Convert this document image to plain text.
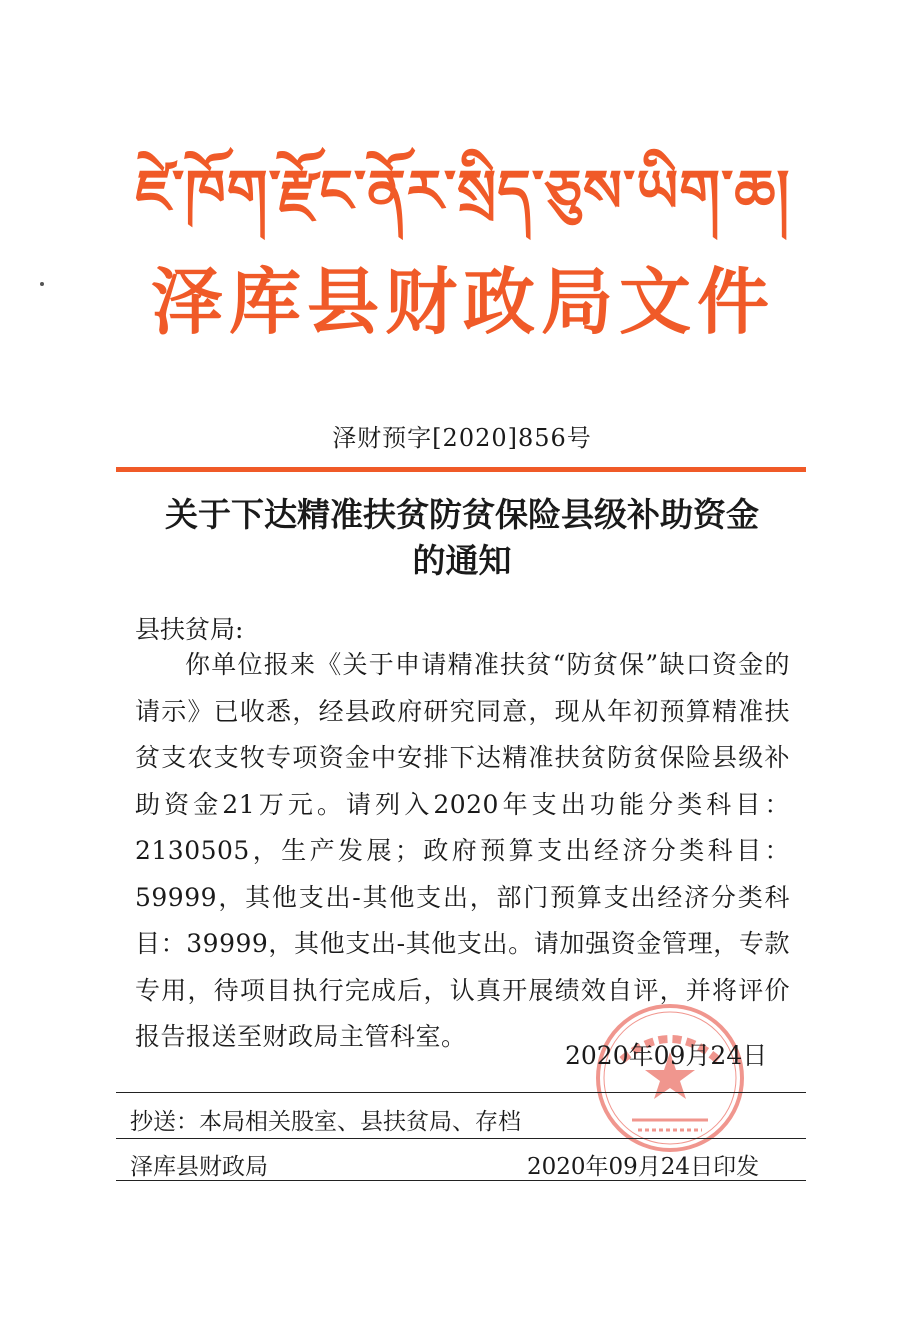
ཛེ་ཁོག་རྫོང་ནོར་སྲིད་ཅུས་ཡིག་ཆ།
泽库县财政局文件
泽财预字[2020]856号
关于下达精准扶贫防贫保险县级补助资金
的通知
县扶贫局:
你单位报来《关于申请精准扶贫“防贫保”缺口资金的请示》已收悉，经县政府研究同意，现从年初预算精准扶贫支农支牧专项资金中安排下达精准扶贫防贫保险县级补助资金21万元。请列入2020年支出功能分类科目：2130505，生产发展；政府预算支出经济分类科目：59999，其他支出-其他支出，部门预算支出经济分类科目：39999，其他支出-其他支出。请加强资金管理，专款专用，待项目执行完成后，认真开展绩效自评，并将评价报告报送至财政局主管科室。
2020年09月24日
抄送：本局相关股室、县扶贫局、存档
泽库县财政局	2020年09月24日印发
